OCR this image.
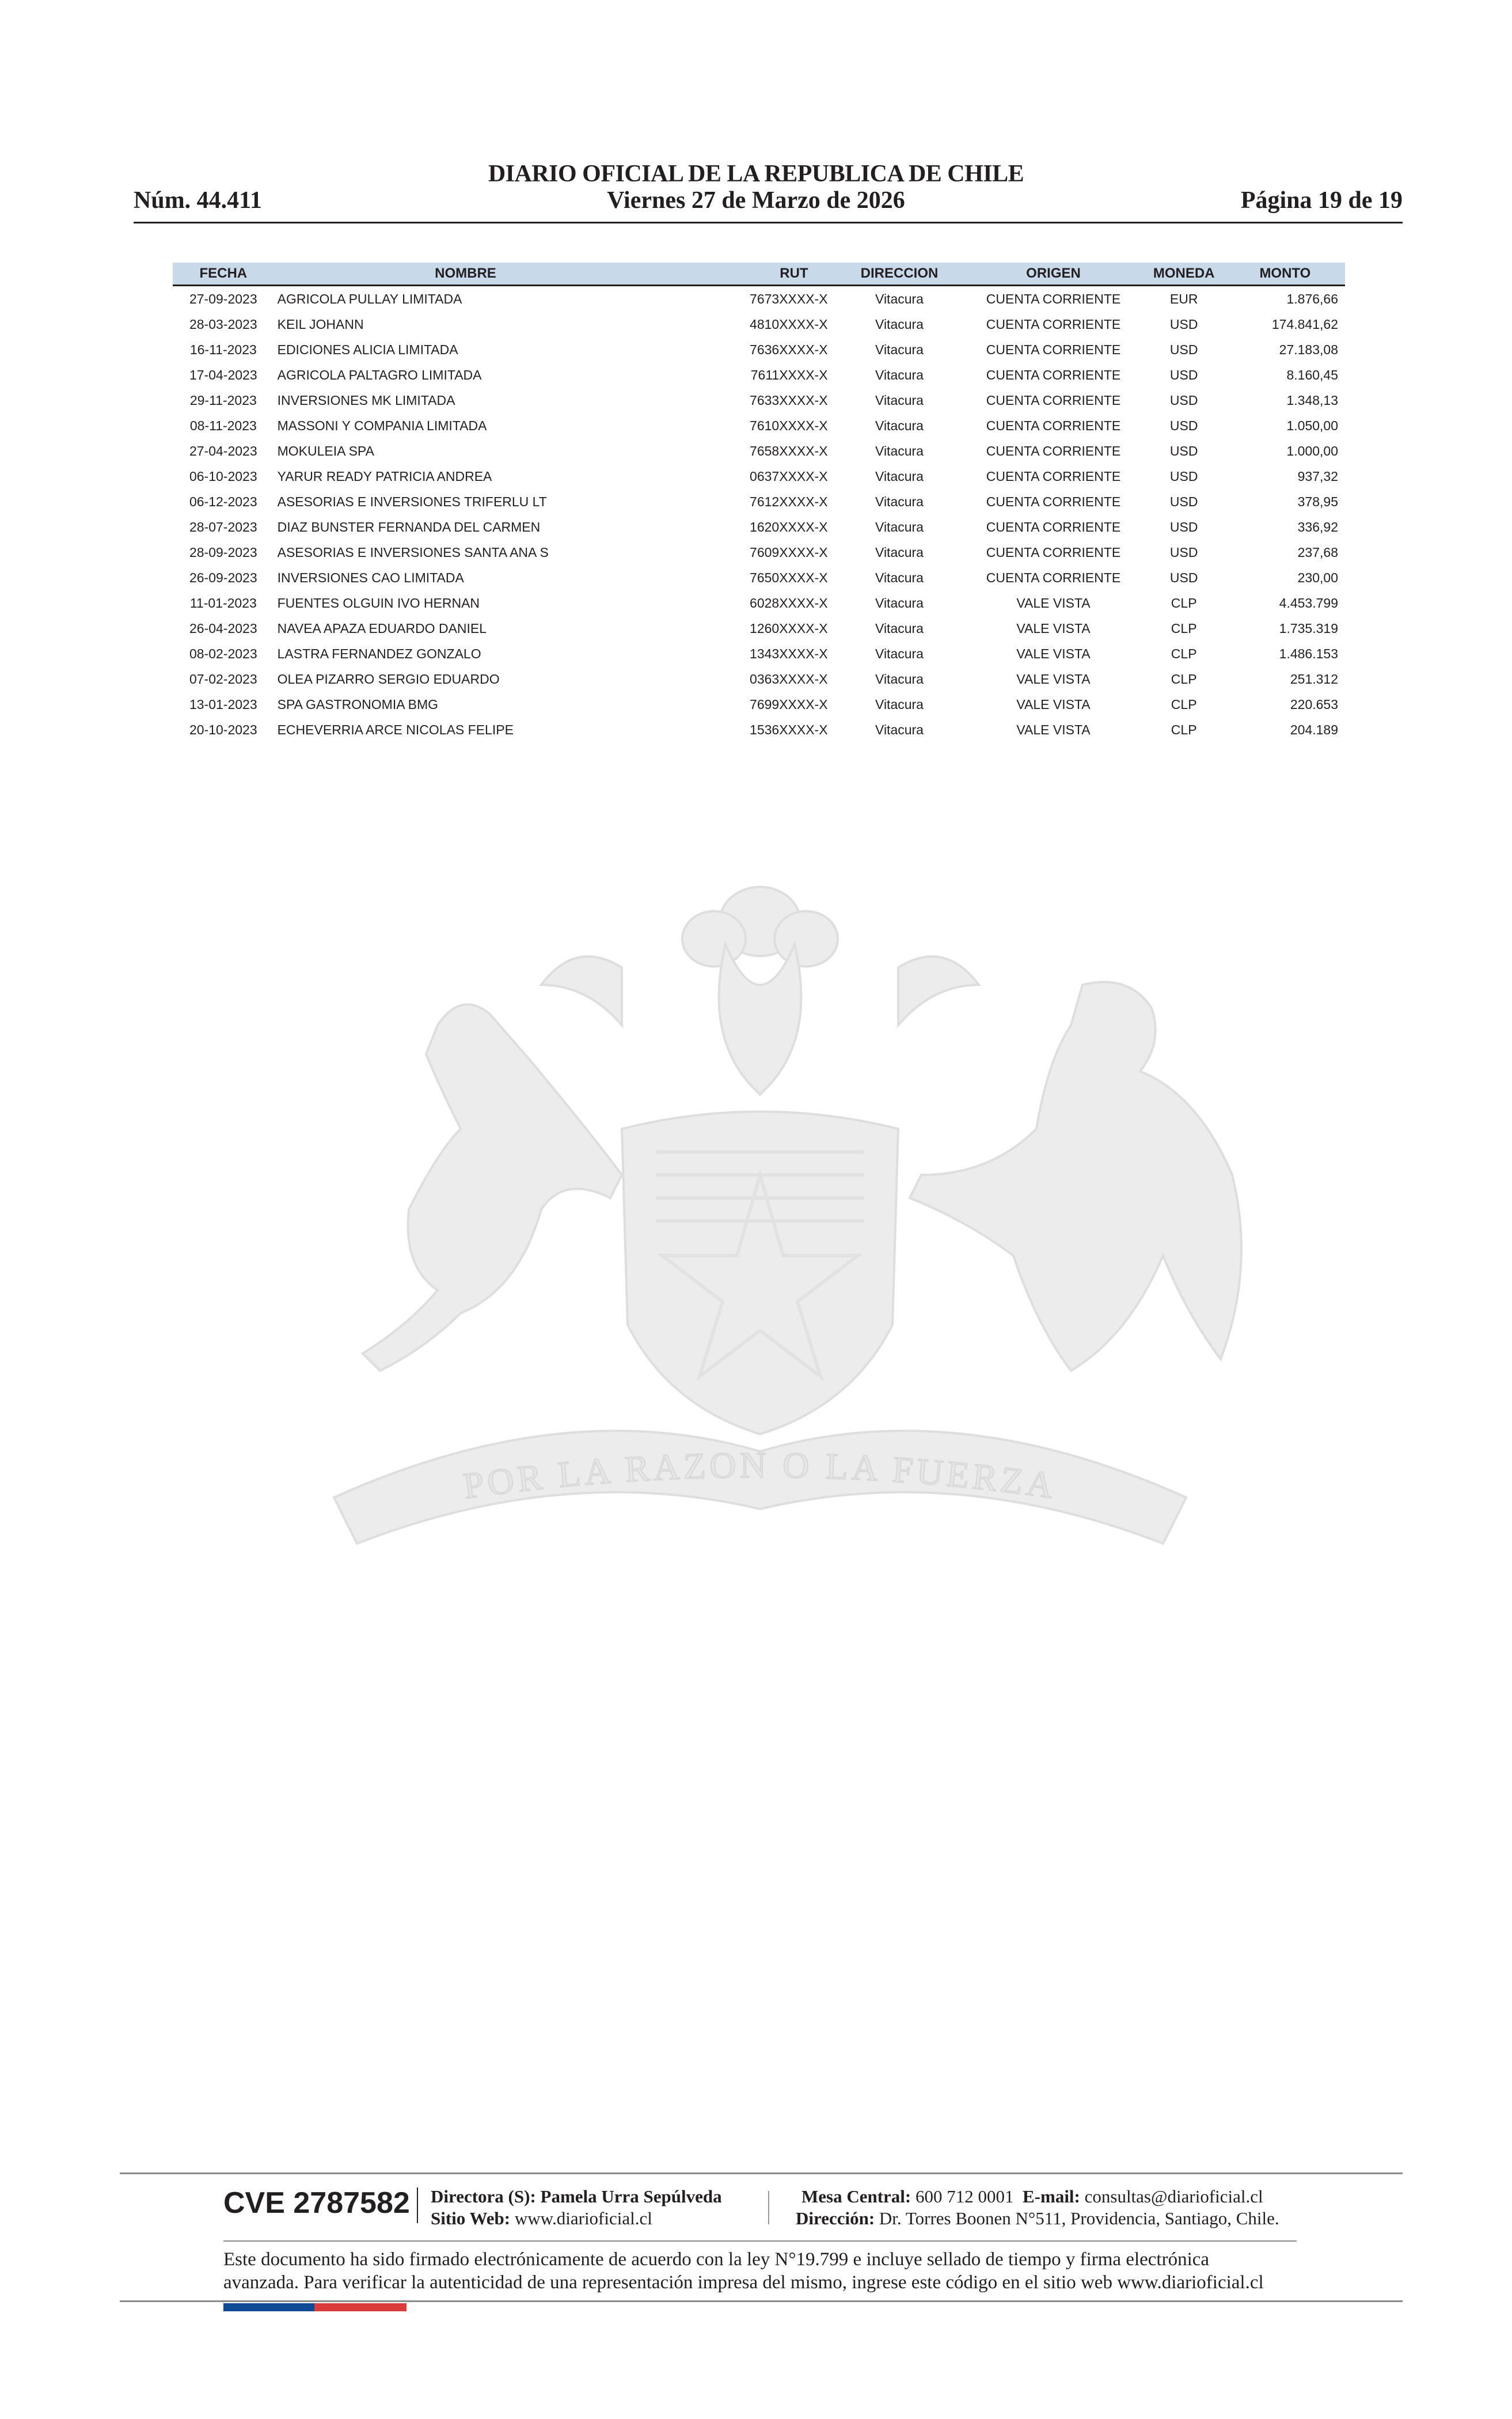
DIARIO OFICIAL DE LA REPUBLICA DE CHILE
Viernes 27 de Marzo de 2026
Núm. 44.411	Página 19 de 19
POR LA RAZON O LA FUERZA
FECHA	NOMBRE	RUT	DIRECCION	ORIGEN	MONEDA	MONTO
27-09-2023	AGRICOLA PULLAY LIMITADA	7673XXXX-X	Vitacura	CUENTA CORRIENTE	EUR	1.876,66
28-03-2023	KEIL JOHANN	4810XXXX-X	Vitacura	CUENTA CORRIENTE	USD	174.841,62
16-11-2023	EDICIONES ALICIA LIMITADA	7636XXXX-X	Vitacura	CUENTA CORRIENTE	USD	27.183,08
17-04-2023	AGRICOLA PALTAGRO LIMITADA	7611XXXX-X	Vitacura	CUENTA CORRIENTE	USD	8.160,45
29-11-2023	INVERSIONES MK LIMITADA	7633XXXX-X	Vitacura	CUENTA CORRIENTE	USD	1.348,13
08-11-2023	MASSONI Y COMPANIA LIMITADA	7610XXXX-X	Vitacura	CUENTA CORRIENTE	USD	1.050,00
27-04-2023	MOKULEIA SPA	7658XXXX-X	Vitacura	CUENTA CORRIENTE	USD	1.000,00
06-10-2023	YARUR READY PATRICIA ANDREA	0637XXXX-X	Vitacura	CUENTA CORRIENTE	USD	937,32
06-12-2023	ASESORIAS E INVERSIONES TRIFERLU LT	7612XXXX-X	Vitacura	CUENTA CORRIENTE	USD	378,95
28-07-2023	DIAZ BUNSTER FERNANDA DEL CARMEN	1620XXXX-X	Vitacura	CUENTA CORRIENTE	USD	336,92
28-09-2023	ASESORIAS E INVERSIONES SANTA ANA S	7609XXXX-X	Vitacura	CUENTA CORRIENTE	USD	237,68
26-09-2023	INVERSIONES CAO LIMITADA	7650XXXX-X	Vitacura	CUENTA CORRIENTE	USD	230,00
11-01-2023	FUENTES OLGUIN IVO HERNAN	6028XXXX-X	Vitacura	VALE VISTA	CLP	4.453.799
26-04-2023	NAVEA APAZA EDUARDO DANIEL	1260XXXX-X	Vitacura	VALE VISTA	CLP	1.735.319
08-02-2023	LASTRA FERNANDEZ GONZALO	1343XXXX-X	Vitacura	VALE VISTA	CLP	1.486.153
07-02-2023	OLEA PIZARRO SERGIO EDUARDO	0363XXXX-X	Vitacura	VALE VISTA	CLP	251.312
13-01-2023	SPA GASTRONOMIA BMG	7699XXXX-X	Vitacura	VALE VISTA	CLP	220.653
20-10-2023	ECHEVERRIA ARCE NICOLAS FELIPE	1536XXXX-X	Vitacura	VALE VISTA	CLP	204.189
CVE 2787582 Directora (S): Pamela Urra Sepúlveda
Sitio Web: www.diarioficial.cl
Mesa Central: 600 712 0001 E-mail: consultas@diarioficial.cl
Dirección: Dr. Torres Boonen N°511, Providencia, Santiago, Chile.
Este documento ha sido firmado electrónicamente de acuerdo con la ley N°19.799 e incluye sellado de tiempo y firma electrónica
avanzada. Para verificar la autenticidad de una representación impresa del mismo, ingrese este código en el sitio web www.diarioficial.cl
